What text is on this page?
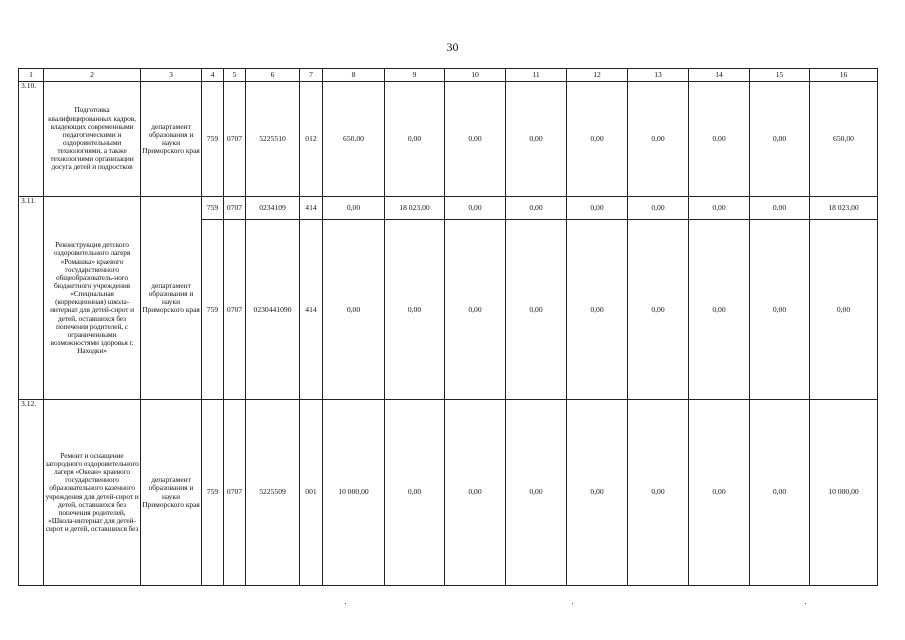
30
1	2	3	4	5	6	7	8	9	10	11	12	13	14	15	16
3.10.	Подготовка квалифицированных кадров, владеющих современными педагогическими и оздоровительными технологиями, а также технологиями организации досуга детей и подростков	департамент образования и науки Приморского края	759	0707	5225510	012	650,00	0,00	0,00	0,00	0,00	0,00	0,00	0,00	650,00
3.11.	Реконструкция детского оздоровительного лагеря «Ромашка» краевого государственного общеобразователь-ного бюджетного учреждения «Специальная (коррекционная) школа-интернат для детей-сирот и детей, оставшихся без попечения родителей, с ограниченными возможностями здоровья г. Находки»	департамент образования и науки Приморского края	759	0707	0234109	414	0,00	18 023,00	0,00	0,00	0,00	0,00	0,00	0,00	18 023,00
			759	0707	0230441090	414	0,00	0,00	0,00	0,00	0,00	0,00	0,00	0,00	0,00
3.12.	Ремонт и оснащение загородного оздоровительного лагеря «Океан» краевого государственного образовательного казенного учреждения для детей-сирот и детей, оставшихся без попечения родителей, «Школа-интернат для детей-сирот и детей, оставшихся без	департамент образования и науки Приморского края	759	0707	5225509	001	10 000,00	0,00	0,00	0,00	0,00	0,00	0,00	0,00	10 000,00
